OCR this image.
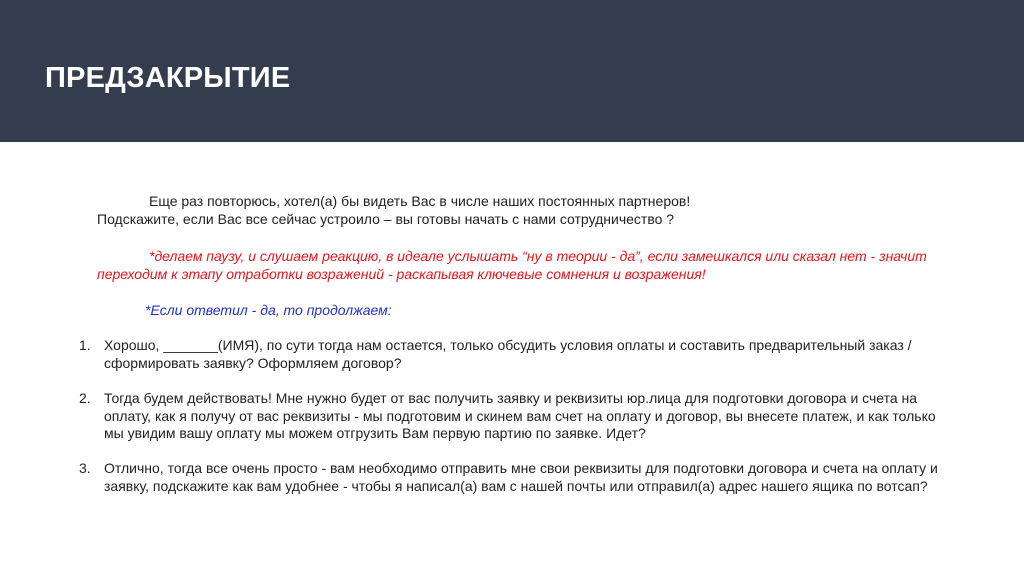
ПРЕДЗАКРЫТИЕ
Еще раз повторюсь, хотел(а) бы видеть Вас в числе наших постоянных партнеров!
Подскажите, если Вас все сейчас устроило – вы готовы начать с нами сотрудничество ?
*делаем паузу, и слушаем реакцию, в идеале услышать “ну в теории - да”, если замешкался или сказал нет - значит
переходим к этапу отработки возражений - раскапывая ключевые сомнения и возражения!
*Если ответил - да, то продолжаем:
1. Хорошо, _______(ИМЯ), по сути тогда нам остается, только обсудить условия оплаты и составить предварительный заказ /
сформировать заявку? Оформляем договор?
2. Тогда будем действовать! Мне нужно будет от вас получить заявку и реквизиты юр.лица для подготовки договора и счета на
оплату, как я получу от вас реквизиты - мы подготовим и скинем вам счет на оплату и договор, вы внесете платеж, и как только
мы увидим вашу оплату мы можем отгрузить Вам первую партию по заявке. Идет?
3. Отлично, тогда все очень просто - вам необходимо отправить мне свои реквизиты для подготовки договора и счета на оплату и
заявку, подскажите как вам удобнее - чтобы я написал(а) вам с нашей почты или отправил(а) адрес нашего ящика по вотсап?
